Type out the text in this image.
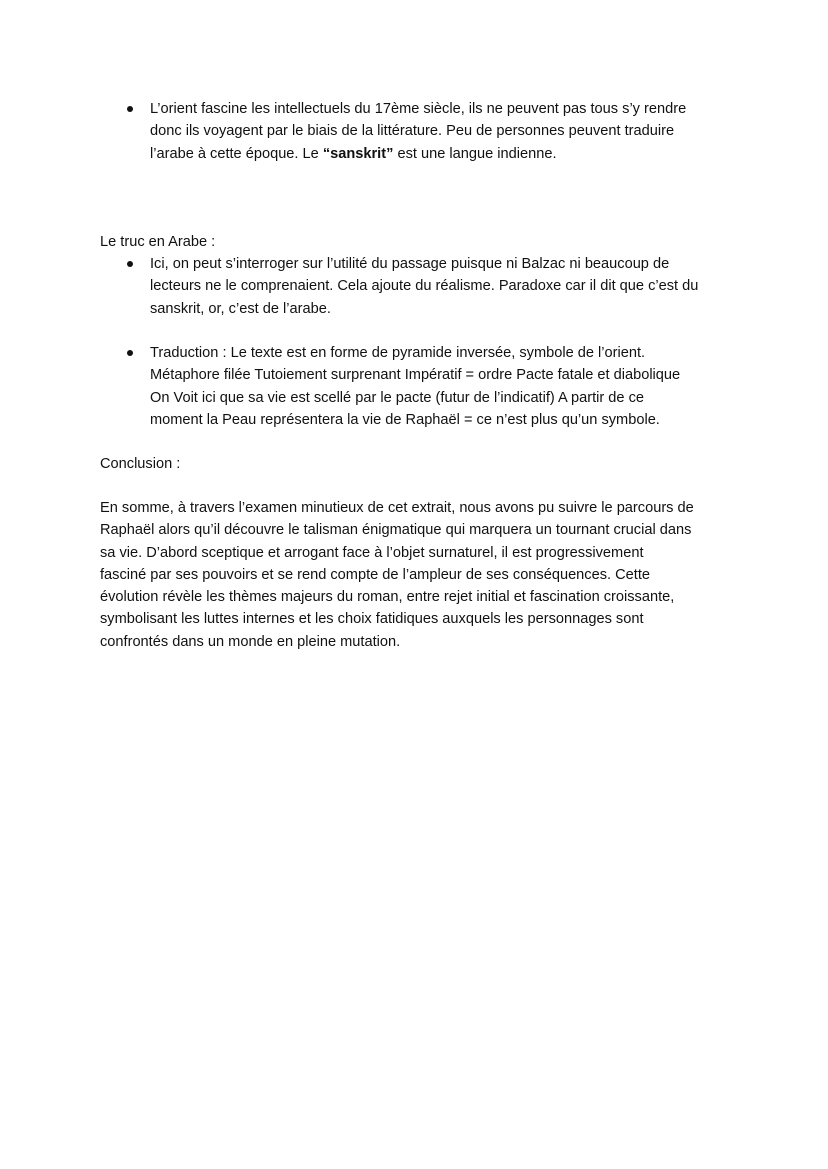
L’orient fascine les intellectuels du 17ème siècle, ils ne peuvent pas tous s’y rendre
donc ils voyagent par le biais de la littérature. Peu de personnes peuvent traduire
l’arabe à cette époque. Le “sanskrit” est une langue indienne.
Le truc en Arabe :
Ici, on peut s’interroger sur l’utilité du passage puisque ni Balzac ni beaucoup de
lecteurs ne le comprenaient. Cela ajoute du réalisme. Paradoxe car il dit que c’est du
sanskrit, or, c’est de l’arabe.
Traduction : Le texte est en forme de pyramide inversée, symbole de l’orient.
Métaphore filée Tutoiement surprenant Impératif = ordre Pacte fatale et diabolique
On Voit ici que sa vie est scellé par le pacte (futur de l’indicatif) A partir de ce
moment la Peau représentera la vie de Raphaël = ce n’est plus qu’un symbole.
Conclusion :
En somme, à travers l’examen minutieux de cet extrait, nous avons pu suivre le parcours de
Raphaël alors qu’il découvre le talisman énigmatique qui marquera un tournant crucial dans
sa vie. D’abord sceptique et arrogant face à l’objet surnaturel, il est progressivement
fasciné par ses pouvoirs et se rend compte de l’ampleur de ses conséquences. Cette
évolution révèle les thèmes majeurs du roman, entre rejet initial et fascination croissante,
symbolisant les luttes internes et les choix fatidiques auxquels les personnages sont
confrontés dans un monde en pleine mutation.
